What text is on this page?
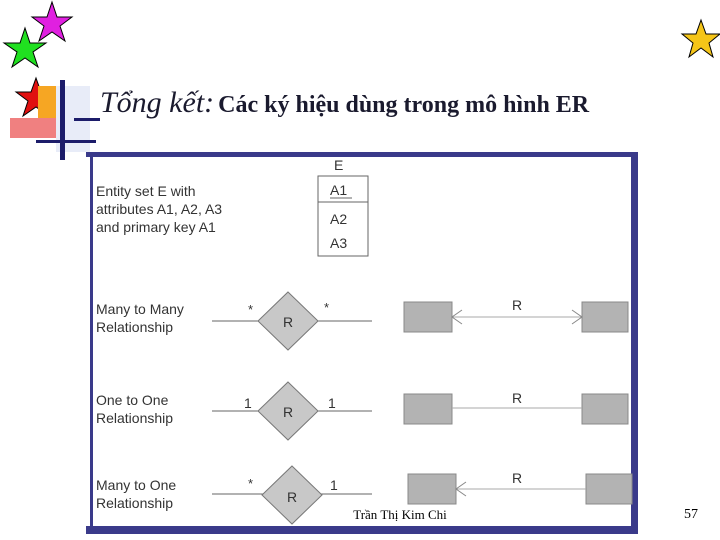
Tổng kết: Các ký hiệu dùng trong mô hình ER
Entity set E with
attributes A1, A2, A3
and primary key A1
E
A1
A2
A3
Many to Many
Relationship	R
*	*	R
One to One
Relationship	R
1	1	R
Many to One
Relationship	R
*	1	R
Trần Thị Kim Chi	57
